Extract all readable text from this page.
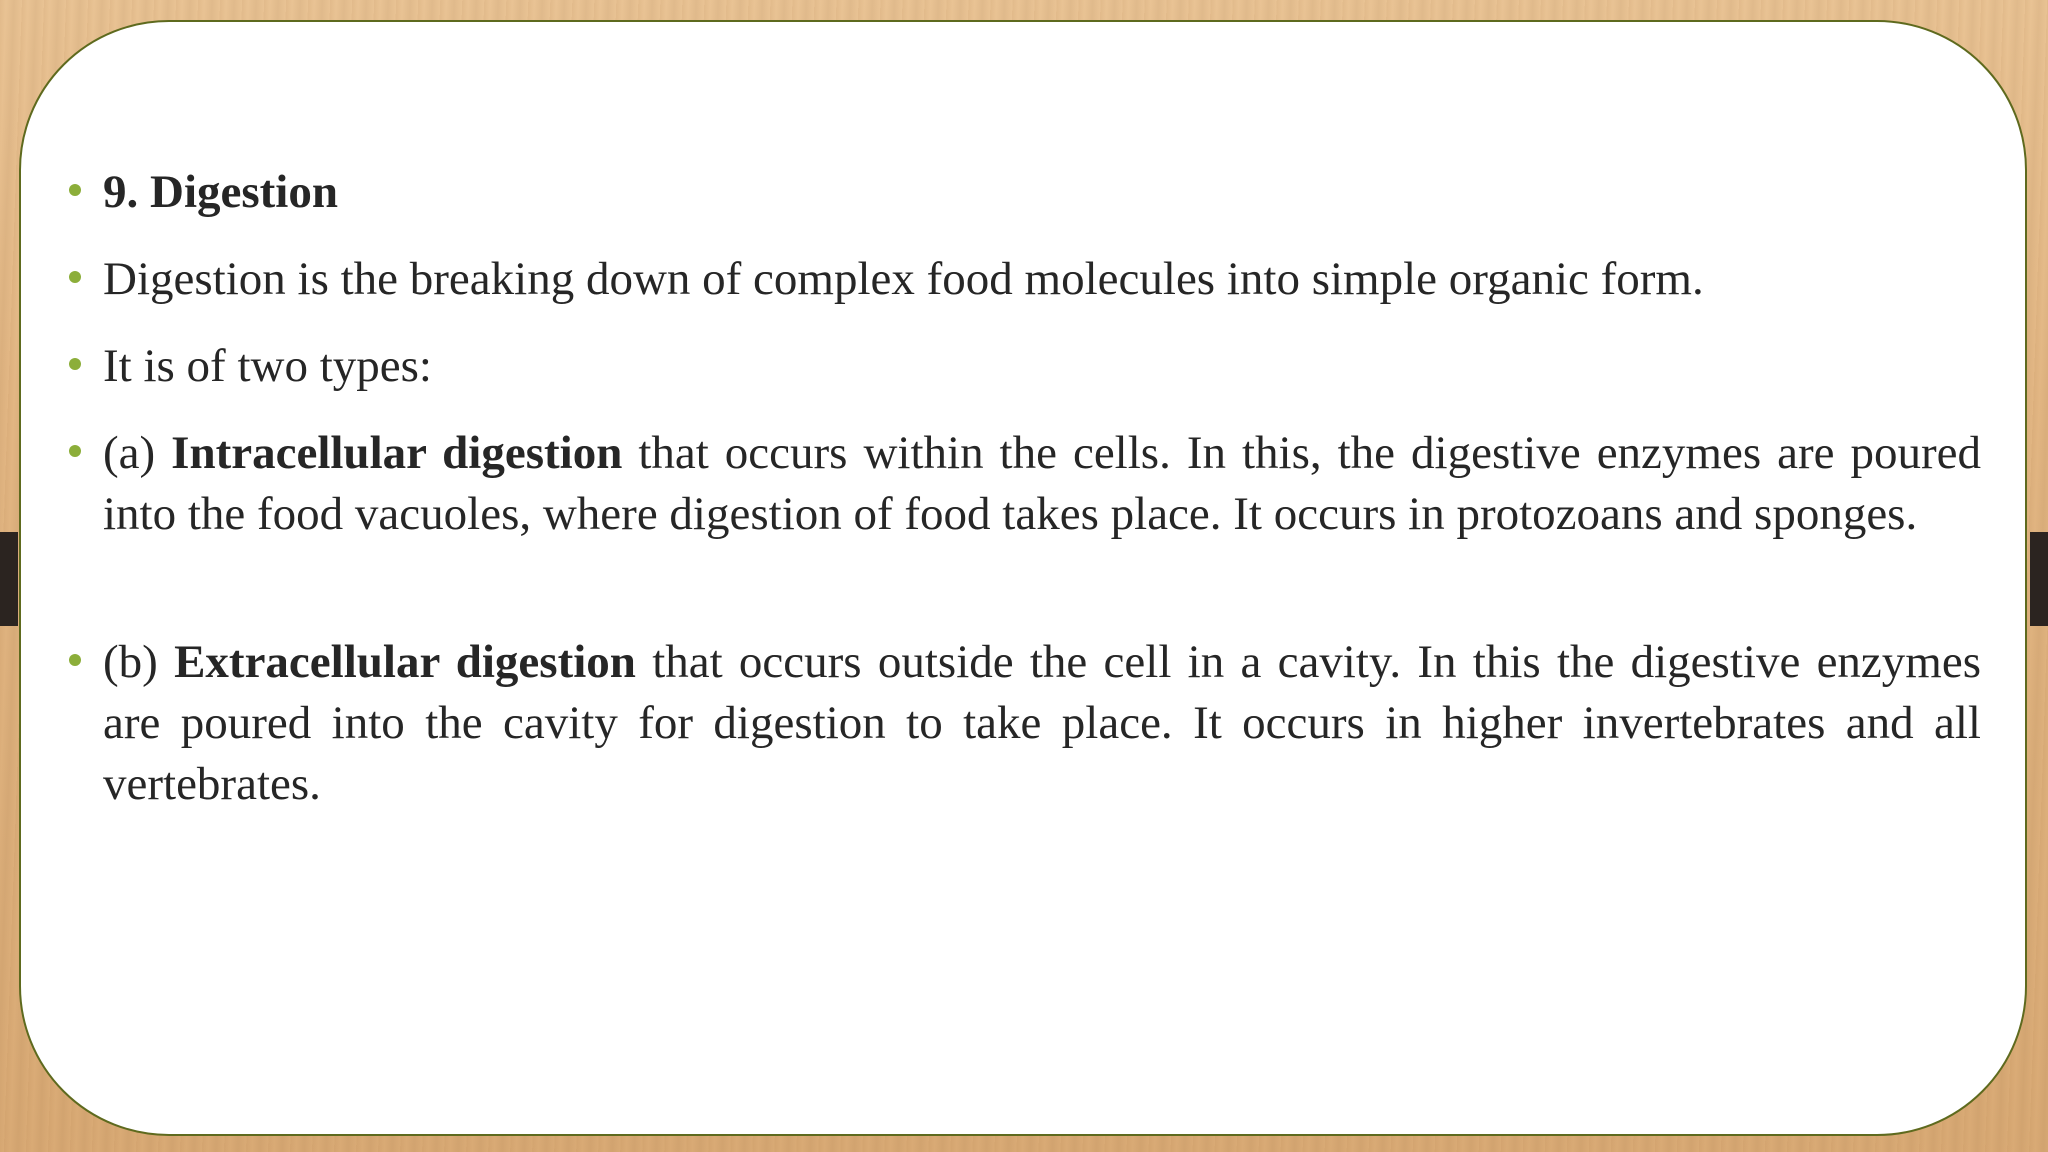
9. Digestion
Digestion is the breaking down of complex food molecules into simple organic form.
It is of two types:
(a) Intracellular digestion that occurs within the cells. In this, the digestive enzymes are poured into the food vacuoles, where digestion of food takes place. It occurs in protozoans and sponges.
(b) Extracellular digestion that occurs outside the cell in a cavity. In this the digestive enzymes are poured into the cavity for digestion to take place. It occurs in higher invertebrates and all vertebrates.
